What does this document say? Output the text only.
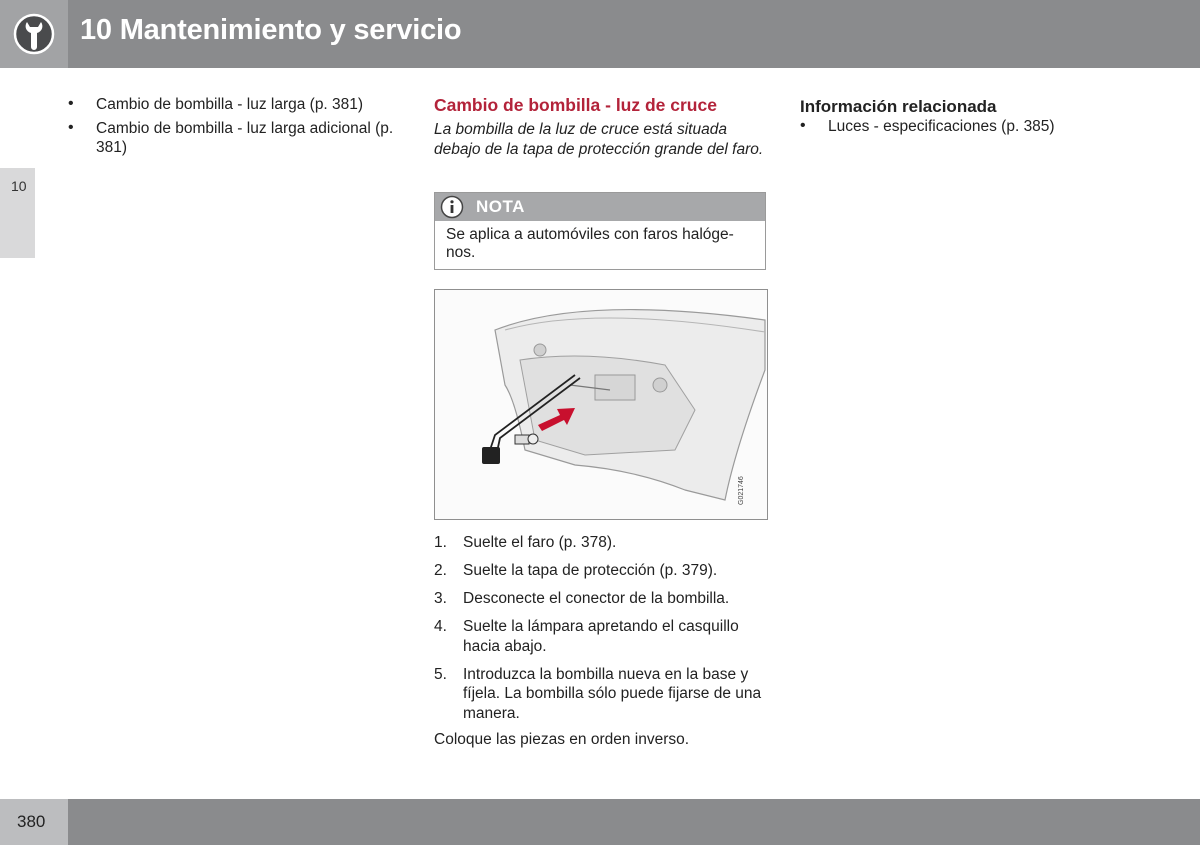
10 Mantenimiento y servicio
10
• Cambio de bombilla - luz larga (p. 381)
• Cambio de bombilla - luz larga adicional (p. 381)
Cambio de bombilla - luz de cruce
La bombilla de la luz de cruce está situada debajo de la tapa de protección grande del faro.
NOTA
Se aplica a automóviles con faros halógenos.
G021746
1. Suelte el faro (p. 378).
2. Suelte la tapa de protección (p. 379).
3. Desconecte el conector de la bombilla.
4. Suelte la lámpara apretando el casquillo hacia abajo.
5. Introduzca la bombilla nueva en la base y fíjela. La bombilla sólo puede fijarse de una manera.
Coloque las piezas en orden inverso.
Información relacionada
• Luces - especificaciones (p. 385)
380
